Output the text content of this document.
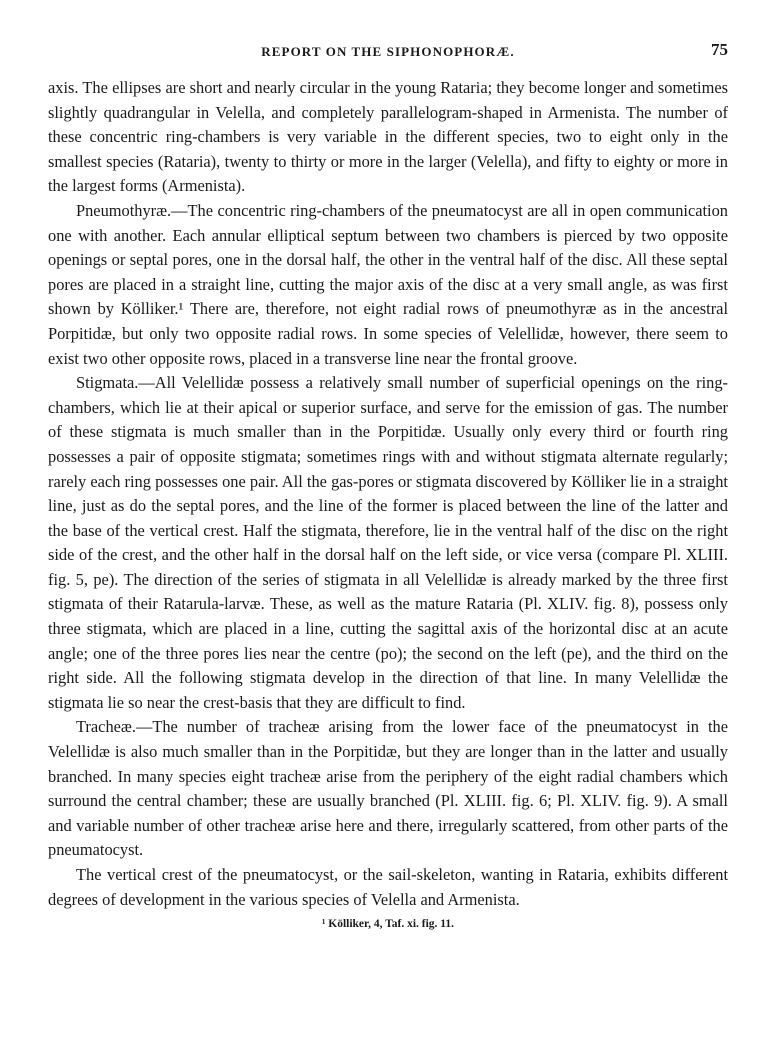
REPORT ON THE SIPHONOPHORÆ.	75

axis. The ellipses are short and nearly circular in the young Rataria; they become longer and sometimes slightly quadrangular in Velella, and completely parallelogram-shaped in Armenista. The number of these concentric ring-chambers is very variable in the different species, two to eight only in the smallest species (Rataria), twenty to thirty or more in the larger (Velella), and fifty to eighty or more in the largest forms (Armenista).

Pneumothyræ.—The concentric ring-chambers of the pneumatocyst are all in open communication one with another. Each annular elliptical septum between two chambers is pierced by two opposite openings or septal pores, one in the dorsal half, the other in the ventral half of the disc. All these septal pores are placed in a straight line, cutting the major axis of the disc at a very small angle, as was first shown by Kölliker.¹ There are, therefore, not eight radial rows of pneumothyræ as in the ancestral Porpitidæ, but only two opposite radial rows. In some species of Velellidæ, however, there seem to exist two other opposite rows, placed in a transverse line near the frontal groove.

Stigmata.—All Velellidæ possess a relatively small number of superficial openings on the ring-chambers, which lie at their apical or superior surface, and serve for the emission of gas. The number of these stigmata is much smaller than in the Porpitidæ. Usually only every third or fourth ring possesses a pair of opposite stigmata; sometimes rings with and without stigmata alternate regularly; rarely each ring possesses one pair. All the gas-pores or stigmata discovered by Kölliker lie in a straight line, just as do the septal pores, and the line of the former is placed between the line of the latter and the base of the vertical crest. Half the stigmata, therefore, lie in the ventral half of the disc on the right side of the crest, and the other half in the dorsal half on the left side, or vice versa (compare Pl. XLIII. fig. 5, pe). The direction of the series of stigmata in all Velellidæ is already marked by the three first stigmata of their Ratarula-larvæ. These, as well as the mature Rataria (Pl. XLIV. fig. 8), possess only three stigmata, which are placed in a line, cutting the sagittal axis of the horizontal disc at an acute angle; one of the three pores lies near the centre (po); the second on the left (pe), and the third on the right side. All the following stigmata develop in the direction of that line. In many Velellidæ the stigmata lie so near the crest-basis that they are difficult to find.

Tracheæ.—The number of tracheæ arising from the lower face of the pneumatocyst in the Velellidæ is also much smaller than in the Porpitidæ, but they are longer than in the latter and usually branched. In many species eight tracheæ arise from the periphery of the eight radial chambers which surround the central chamber; these are usually branched (Pl. XLIII. fig. 6; Pl. XLIV. fig. 9). A small and variable number of other tracheæ arise here and there, irregularly scattered, from other parts of the pneumatocyst.

The vertical crest of the pneumatocyst, or the sail-skeleton, wanting in Rataria, exhibits different degrees of development in the various species of Velella and Armenista.

¹ Kölliker, 4, Taf. xi. fig. 11.
